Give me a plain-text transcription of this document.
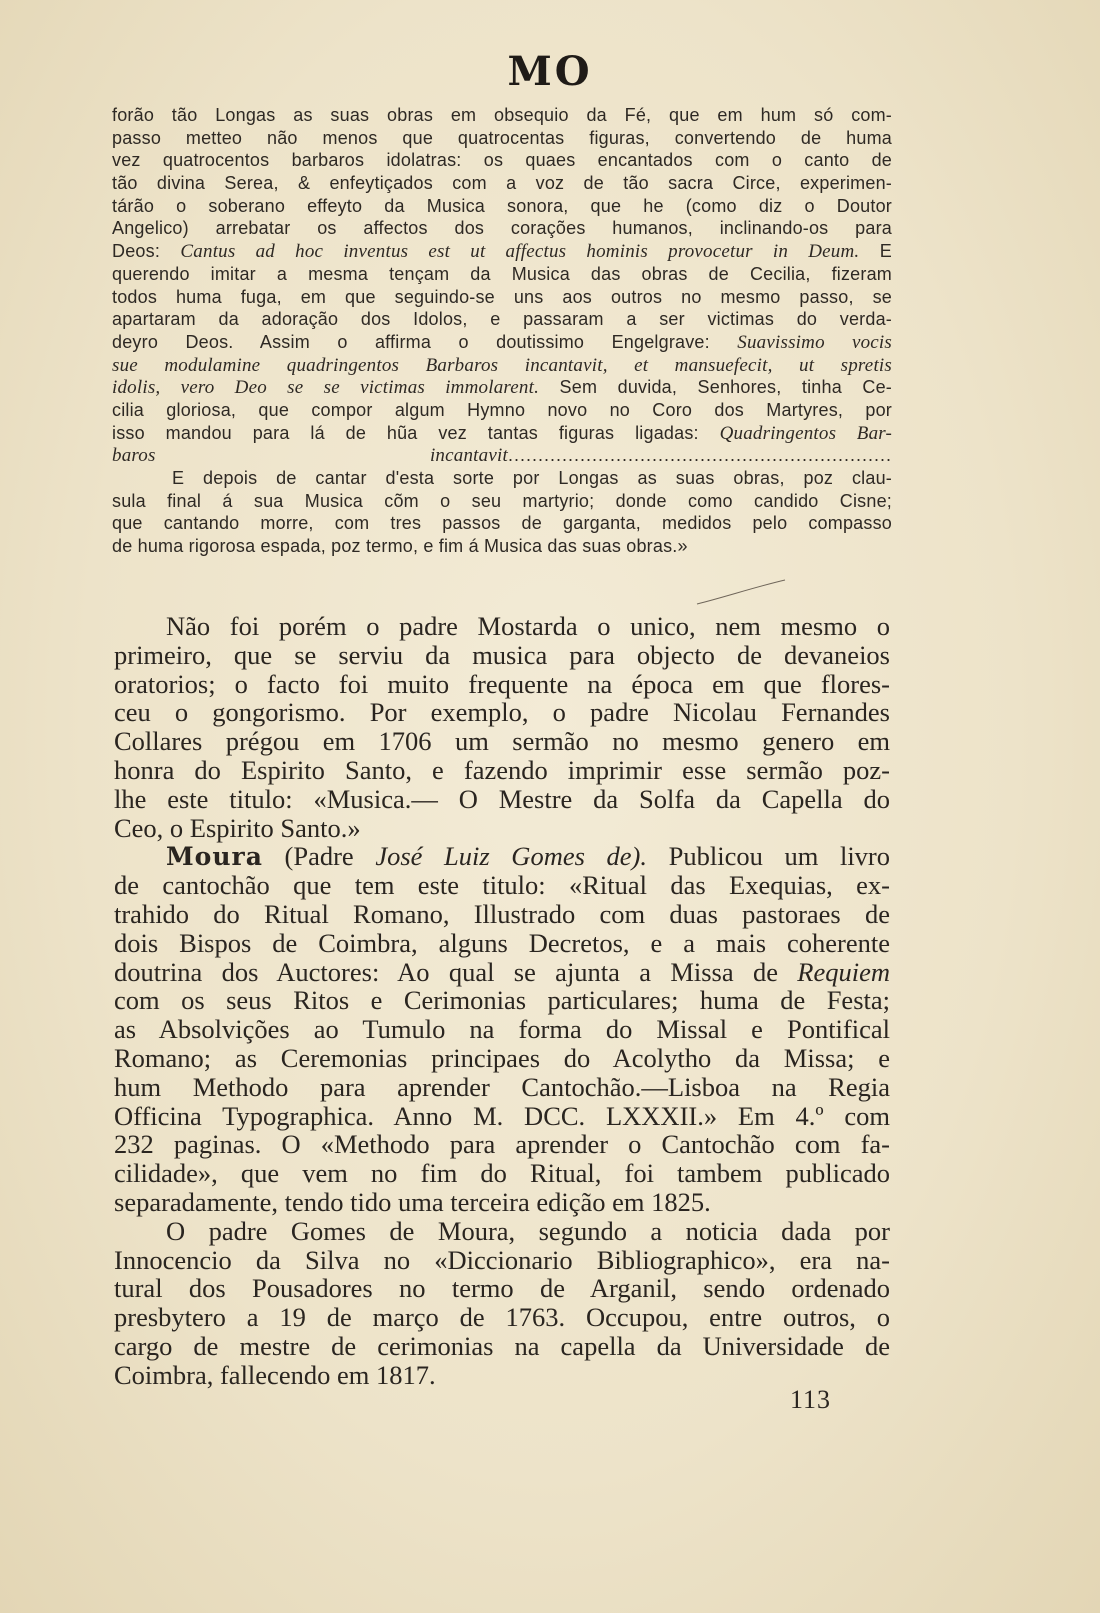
MO
forão tão Longas as suas obras em obsequio da Fé, que em hum só com-
passo metteo não menos que quatrocentas figuras, convertendo de huma
vez quatrocentos barbaros idolatras: os quaes encantados com o canto de
tão divina Serea, & enfeytiçados com a voz de tão sacra Circe, experimen-
tárão o soberano effeyto da Musica sonora, que he (como diz o Doutor
Angelico) arrebatar os affectos dos corações humanos, inclinando-os para
Deos: Cantus ad hoc inventus est ut affectus hominis provocetur in Deum. E
querendo imitar a mesma tençam da Musica das obras de Cecilia, fizeram
todos huma fuga, em que seguindo-se uns aos outros no mesmo passo, se
apartaram da adoração dos Idolos, e passaram a ser victimas do verda-
deyro Deos. Assim o affirma o doutissimo Engelgrave: Suavissimo vocis
sue modulamine quadringentos Barbaros incantavit, et mansuefecit, ut spretis
idolis, vero Deo se se victimas immolarent. Sem duvida, Senhores, tinha Ce-
cilia gloriosa, que compor algum Hymno novo no Coro dos Martyres, por
isso mandou para lá de hũa vez tantas figuras ligadas: Quadringentos Bar-
baros incantavit................................................................
E depois de cantar d'esta sorte por Longas as suas obras, poz clau-
sula final á sua Musica cõm o seu martyrio; donde como candido Cisne;
que cantando morre, com tres passos de garganta, medidos pelo compasso
de huma rigorosa espada, poz termo, e fim á Musica das suas obras.»
Não foi porém o padre Mostarda o unico, nem mesmo o
primeiro, que se serviu da musica para objecto de devaneios
oratorios; o facto foi muito frequente na época em que flores-
ceu o gongorismo. Por exemplo, o padre Nicolau Fernandes
Collares prégou em 1706 um sermão no mesmo genero em
honra do Espirito Santo, e fazendo imprimir esse sermão poz-
lhe este titulo: «Musica.— O Mestre da Solfa da Capella do
Ceo, o Espirito Santo.»
Moura (Padre José Luiz Gomes de). Publicou um livro
de cantochão que tem este titulo: «Ritual das Exequias, ex-
trahido do Ritual Romano, Illustrado com duas pastoraes de
dois Bispos de Coimbra, alguns Decretos, e a mais coherente
doutrina dos Auctores: Ao qual se ajunta a Missa de Requiem
com os seus Ritos e Cerimonias particulares; huma de Festa;
as Absolvições ao Tumulo na forma do Missal e Pontifical
Romano; as Ceremonias principaes do Acolytho da Missa; e
hum Methodo para aprender Cantochão.—Lisboa na Regia
Officina Typographica. Anno M. DCC. LXXXII.» Em 4.º com
232 paginas. O «Methodo para aprender o Cantochão com fa-
cilidade», que vem no fim do Ritual, foi tambem publicado
separadamente, tendo tido uma terceira edição em 1825.
O padre Gomes de Moura, segundo a noticia dada por
Innocencio da Silva no «Diccionario Bibliographico», era na-
tural dos Pousadores no termo de Arganil, sendo ordenado
presbytero a 19 de março de 1763. Occupou, entre outros, o
cargo de mestre de cerimonias na capella da Universidade de
Coimbra, fallecendo em 1817.
113
